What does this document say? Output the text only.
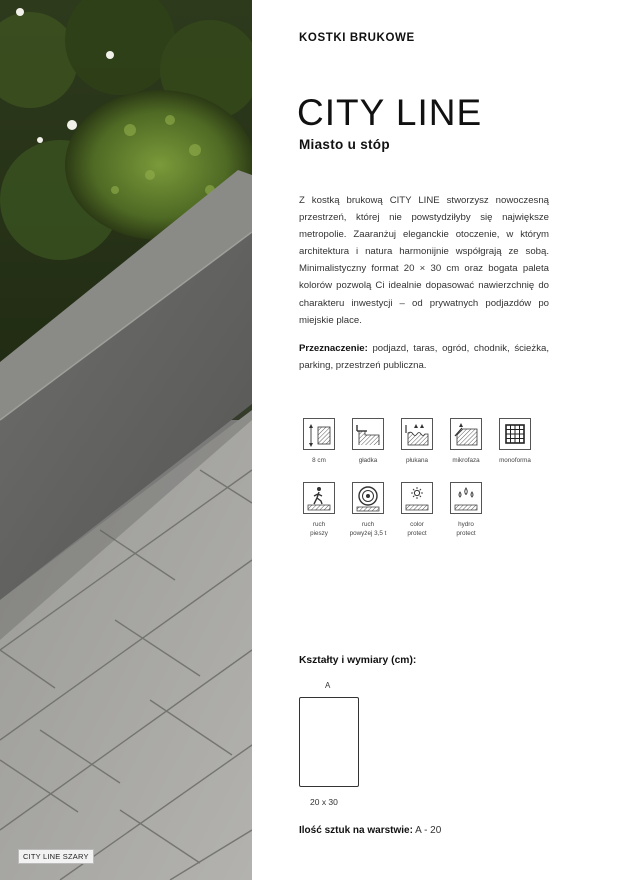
CITY LINE SZARY
KOSTKI BRUKOWE
CITY LINE
Miasto u stóp
Z kostką brukową CITY LINE stworzysz nowoczesną przestrzeń, której nie powstydziłyby się największe metropolie. Zaaranżuj eleganckie otoczenie, w którym architektura i natura harmonijnie współgrają ze sobą. Minimalistyczny format 20 × 30 cm oraz bogata paleta kolorów pozwolą Ci idealnie dopasować nawierzchnię do charakteru inwestycji – od prywatnych podjazdów po miejskie place.
Przeznaczenie: podjazd, taras, ogród, chodnik, ścieżka, parking, przestrzeń publiczna.
8 cm	gładka	płukana	mikrofaza	monoforma
ruch
pieszy
ruch
powyżej 3,5 t
color
protect
hydro
protect
Kształty i wymiary (cm):
A
20 x 30
Ilość sztuk na warstwie: A - 20
